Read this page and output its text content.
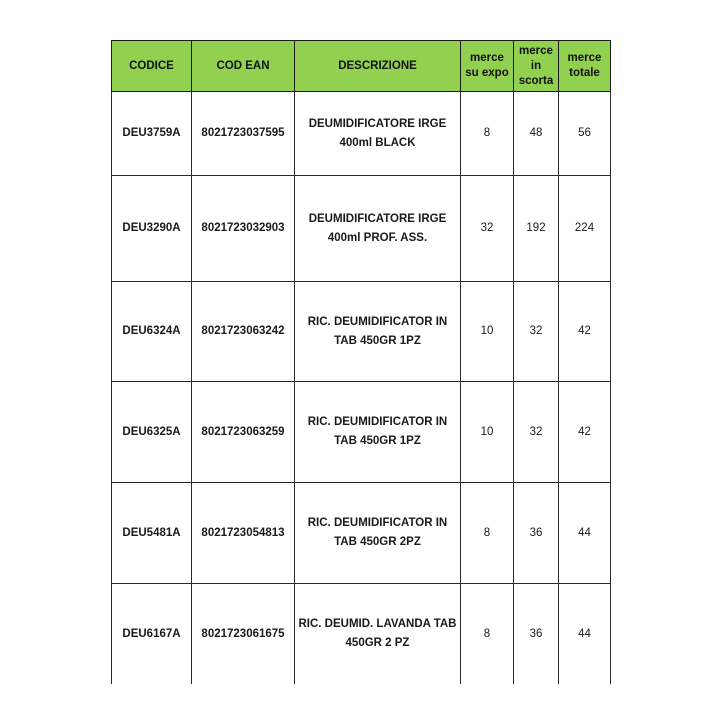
CODICE	COD EAN	DESCRIZIONE	merce su expo	merce in scorta	merce totale
DEU3759A	8021723037595	DEUMIDIFICATORE IRGE 400ml BLACK	8	48	56
DEU3290A	8021723032903	DEUMIDIFICATORE IRGE 400ml PROF. ASS.	32	192	224
DEU6324A	8021723063242	RIC. DEUMIDIFICATOR IN TAB 450GR 1PZ	10	32	42
DEU6325A	8021723063259	RIC. DEUMIDIFICATOR IN TAB 450GR 1PZ	10	32	42
DEU5481A	8021723054813	RIC. DEUMIDIFICATOR IN TAB 450GR 2PZ	8	36	44
DEU6167A	8021723061675	RIC. DEUMID. LAVANDA TAB 450GR 2 PZ	8	36	44
